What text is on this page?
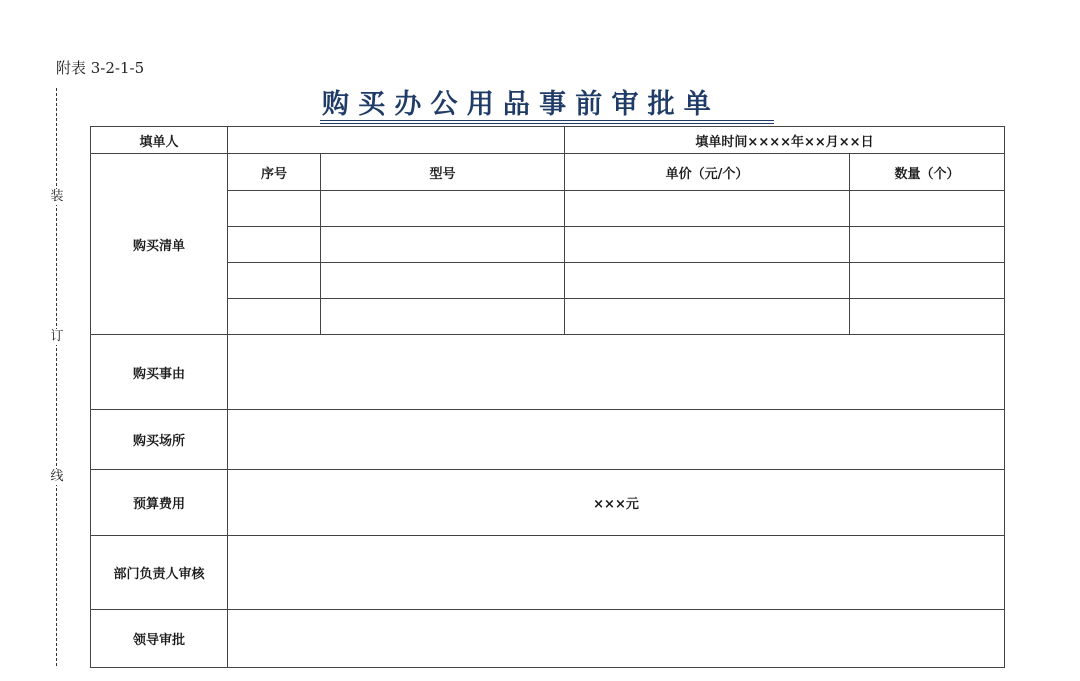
附表 3-2-1-5
购买办公用品事前审批单
装
订
线
填单人			填单时间××××年××月××日	
购买清单	序号	型号	单价（元/个）	数量（个）

购买事由				
购买场所				
预算费用	×××元			
部门负责人审核				
领导审批				
